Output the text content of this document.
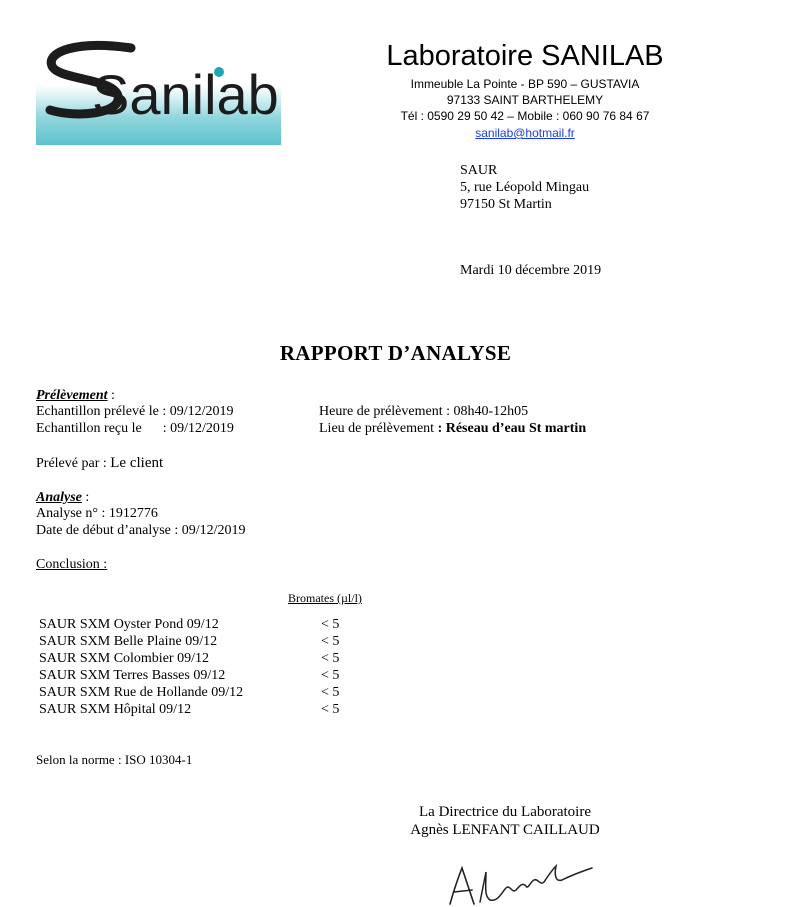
Sanilab
Laboratoire SANILAB
Immeuble La Pointe - BP 590 – GUSTAVIA
97133 SAINT BARTHELEMY
Tél : 0590 29 50 42 – Mobile : 060 90 76 84 67
sanilab@hotmail.fr
SAUR
5, rue Léopold Mingau
97150 St Martin
Mardi 10 décembre 2019
RAPPORT D’ANALYSE
Prélèvement :
Echantillon prélevé le : 09/12/2019
Echantillon reçu le      : 09/12/2019
Heure de prélèvement : 08h40-12h05
Lieu de prélèvement : Réseau d’eau St martin
Prélevé par : Le client
Analyse :
Analyse n° : 1912776
Date de début d’analyse : 09/12/2019
Conclusion :
Bromates (µl/l)
SAUR SXM Oyster Pond 09/12	< 5
SAUR SXM Belle Plaine 09/12	< 5
SAUR SXM Colombier 09/12	< 5
SAUR SXM Terres Basses 09/12	< 5
SAUR SXM Rue de Hollande 09/12	< 5
SAUR SXM Hôpital 09/12	< 5
Selon la norme : ISO 10304-1
La Directrice du Laboratoire
Agnès LENFANT CAILLAUD
